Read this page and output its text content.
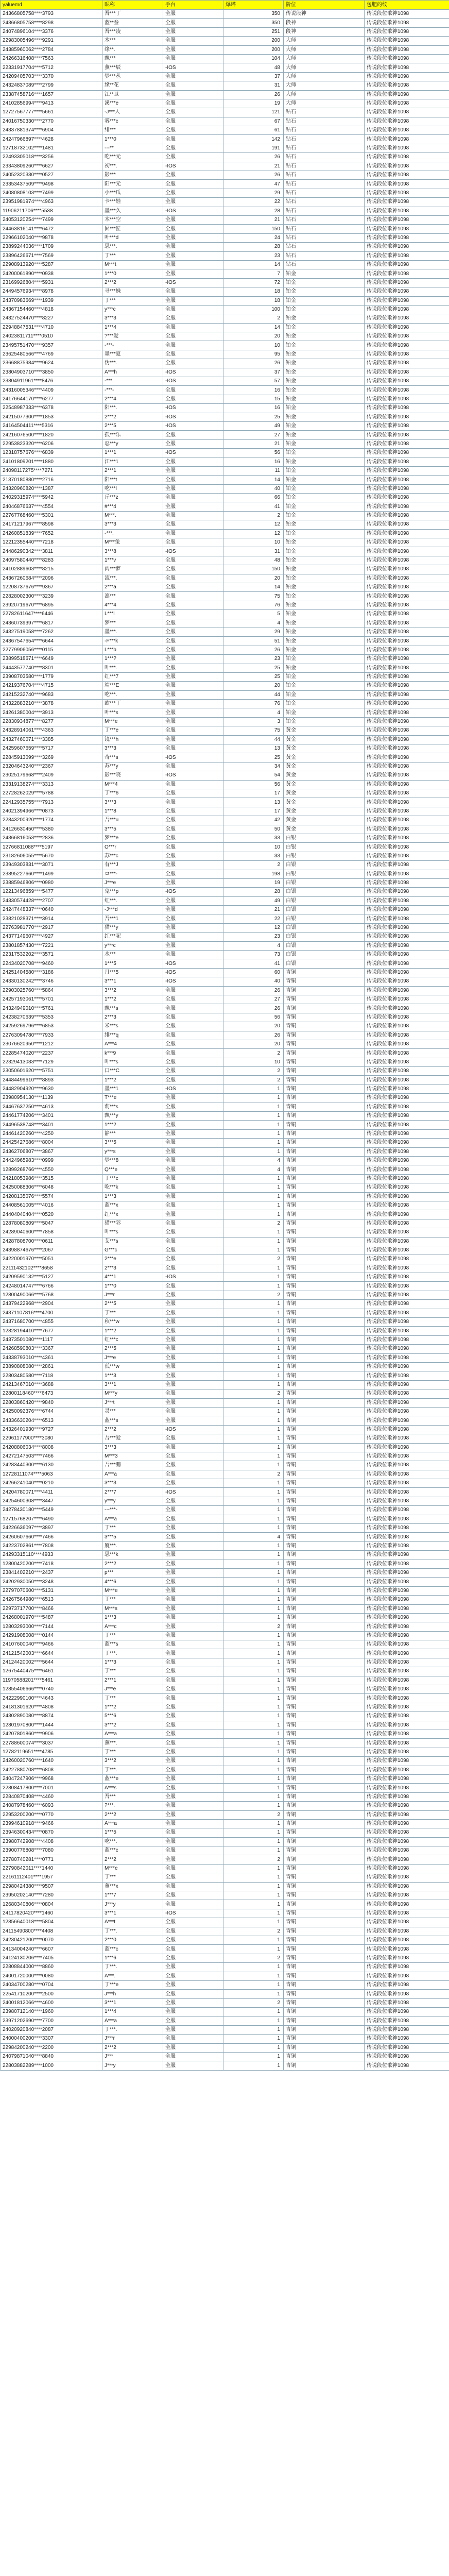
yaluemd	昵称	手台	爆塔	阶位	包肥的纹
24366805758****3793	吾***丁	全服	350	传说段神	传说段位歌神1098
24366805758****8298	蓝**叁	全服	350	段神	传说段位歌神1098
24074896104****3376	吾***凌	全服	251	段神	传说段位歌神1098
22983005496****9291	木***	全服	200	大师	传说段位歌神1098
24385960062****2784	缘**.	全服	200	大师	传说段位歌神1098
24266316408****7563	飘***	全服	104	大师	传说段位歌神1098
22331917704****5712	薰***辰	-IOS	48	大师	传说段位歌神1098
24209405703****3370	梦***丛	全服	37	大师	传说段位歌神1098
24324837089****2799	缘**花	全服	31	大师	传说段位歌神1098
23387458716****1657	江**卫	全服	26	大师	传说段位歌神1098
24102856994****9413	溪***e	全服	19	大师	传说段位歌神1098
12727567777****5661	-J***人	全服	121	钻石	传说段位歌神1098
24016750330****2770	雾***c	全服	67	钻石	传说段位歌神1098
24337881374****6904	绯***	全服	61	钻石	传说段位歌神1098
24247966897****4628	1***0	全服	142	钻石	传说段位歌神1098
12718732102****1481	---**	全服	191	钻石	传说段位歌神1098
22493305018****3256	吃***元	全服	26	钻石	传说段位歌神1098
23343809260****6627	初***.	-IOS	21	钻石	传说段位歌神1098
24052320330****0527	影***	全服	26	钻石	传说段位歌神1098
23353437509****9498	阳***元	全服	47	钻石	传说段位歌神1098
24080808103****7499	小***瓜	全服	29	钻石	传说段位歌神1098
23951981974****4963	卡***娃	全服	22	钻石	传说段位歌神1098
11906211706****5538	墨***久	-IOS	28	钻石	传说段位歌神1098
24053120254****7499	木***空	全服	21	钻石	传说段位歌神1098
24463816141****6472	囧***匠	全服	150	钻石	传说段位歌神1098
22966102040****9878	叶***d	全服	24	钻石	传说段位歌神1098
23899244036****1709	思***.	全服	28	钻石	传说段位歌神1098
23896426671****7569	丁***	全服	23	钻石	传说段位歌神1098
22908913920****5287	M***t	全服	14	钻石	传说段位歌神1098
24200061890****0938	1***0	全服	7	铂金	传说段位歌神1098
23169926804****5931	2***2	-IOS	72	铂金	传说段位歌神1098
24494576934****8978	寻***蛛	全服	18	铂金	传说段位歌神1098
24370983669****1939	丁***	全服	18	铂金	传说段位歌神1098
24367154460****4818	y***c	全服	100	铂金	传说段位歌神1098
24327524470****8227	3***3	全服	2	铂金	传说段位歌神1098
22948847531****4710	1***4	全服	14	铂金	传说段位歌神1098
24023811711****0510	?***爱	全服	20	铂金	传说段位歌神1098
23495751470****9357	-***-	全服	10	铂金	传说段位歌神1098
23625480566****4769	墨***夏	全服	95	铂金	传说段位歌神1098
23668875984****9624	伪***.	全服	26	铂金	传说段位歌神1098
23804903710****3850	A***h	-IOS	37	铂金	传说段位歌神1098
23804911961****8476	-***.	-IOS	57	铂金	传说段位歌神1098
24316005346****4409	-***-	全服	16	铂金	传说段位歌神1098
24176644170****6277	2***4	全服	15	铂金	传说段位歌神1098
22548987333****6378	阳***.	-IOS	16	铂金	传说段位歌神1098
24215077300****1853	2***2	-IOS	25	铂金	传说段位歌神1098
24164504411****5316	2***5	-IOS	49	铂金	传说段位歌神1098
24216076500****1820	孤***乐	全服	27	铂金	传说段位歌神1098
22953823320****6206	忍***y	全服	21	铂金	传说段位歌神1098
12318757676****6839	1***1	-IOS	56	铂金	传说段位歌神1098
24101809201****1880	江***1	全服	16	铂金	传说段位歌神1098
24098117275****7271	2***1	全服	11	铂金	传说段位歌神1098
21370180880****2716	阳***t	全服	14	铂金	传说段位歌神1098
24320960820****1387	吃***l	全服	40	铂金	传说段位歌神1098
24029315974****5942	斤***z	全服	66	铂金	传说段位歌神1098
24046876637****4554	#***4	全服	41	铂金	传说段位歌神1098
22767768460****5301	M***.	全服	2	铂金	传说段位歌神1098
24171217967****8598	3***3	全服	12	铂金	传说段位歌神1098
24260851839****7652	-***.	全服	12	铂金	传说段位歌神1098
12212355440****7218	M***兔	全服	10	铂金	传说段位歌神1098
24486290342****3811	3***8	-IOS	31	铂金	传说段位歌神1098
24097580440****8283	1***v	全服	48	铂金	传说段位歌神1098
24102889603****8215	肉***萝	全服	150	铂金	传说段位歌神1098
24367260684****2096	流***.	全服	20	铂金	传说段位歌神1098
12208737676****9367	2***a	全服	14	铂金	传说段位歌神1098
22828002300****3239	凛***	全服	75	铂金	传说段位歌神1098
23920719670****6895	4***4	全服	76	铂金	传说段位歌神1098
22782611647****6446	L***l	全服	5	铂金	传说段位歌神1098
24360739397****6817	梦***	全服	4	铂金	传说段位歌神1098
24327519058****7262	墨***.	全服	29	铂金	传说段位歌神1098
24367547654****6644	-F***k	全服	51	铂金	传说段位歌神1098
22779906056****0115	L***b	全服	26	铂金	传说段位歌神1098
23899518671****6649	1***?	全服	23	铂金	传说段位歌神1098
24443577740****8301	叶***.	全服	25	铂金	传说段位歌神1098
23908703580****1779	红***7	全服	25	铂金	传说段位歌神1098
24219376704****4715	靖***E	全服	20	铂金	传说段位歌神1098
24215232740****9683	吃***.	全服	44	铂金	传说段位歌神1098
24322883210****3878	欧***丁	全服	76	铂金	传说段位歌神1098
24261380004****3913	叶***s	全服	4	铂金	传说段位歌神1098
22830934877****8277	M***e	全服	3	铂金	传说段位歌神1098
24328914061****4363	丁***e	全服	75	黄金	传说段位歌神1098
24327460071****3385	镜***h	全服	44	黄金	传说段位歌神1098
24259607659****5717	3***3	全服	13	黄金	传说段位歌神1098
22845913099****3269	奇***s	-IOS	25	黄金	传说段位歌神1098
23204643240****2367	苏***y	全服	34	黄金	传说段位歌神1098
23025179668****2409	影***晓	-IOS	54	黄金	传说段位歌神1098
23319138274****3313	M***4	全服	56	黄金	传说段位歌神1098
22728262029****5788	丁***6	全服	17	黄金	传说段位歌神1098
22412935755****7913	3***3	全服	13	黄金	传说段位歌神1098
24021394966****0873	1***8	全服	17	黄金	传说段位歌神1098
22843200920****1774	吾***u	全服	42	黄金	传说段位歌神1098
24126630450****5380	3***5	全服	50	黄金	传说段位歌神1098
24366816053****2836	梦***e	全服	33	白银	传说段位歌神1098
12766811088****5197	O***r	全服	10	白银	传说段位歌神1098
23182606055****5670	苏***c	全服	33	白银	传说段位歌神1098
23949303831****3071	有***J	全服	2	白银	传说段位歌神1098
23895227660****1499	ロ***-	全服	198	白银	传说段位歌神1098
23885946806****0980	J***e	全服	19	白银	传说段位歌神1098
12213496859****5477	鬼***p	-IOS	28	白银	传说段位歌神1098
24330574428****2707	红***.	全服	49	白银	传说段位歌神1098
24247448337****0640	-J***d	全服	21	白银	传说段位歌神1098
23821028371****3914	吾***1	全服	22	白银	传说段位歌神1098
22763981770****2917	猫***y	全服	12	白银	传说段位歌神1098
24377149607****4927	红***呢	全服	23	白银	传说段位歌神1098
23801857430****7221	y***c	全服	4	白银	传说段位歌神1098
22317532202****3571	水***	全服	73	白银	传说段位歌神1098
22434020708****9460	1***5	-IOS	41	白银	传说段位歌神1098
24251404580****3186	月***5	-IOS	60	青铜	传说段位歌神1098
24330130242****3746	3***1	-IOS	40	青铜	传说段位歌神1098
22903025760****5864	3***2	全服	26	青铜	传说段位歌神1098
24257193061****5701	1***2	全服	27	青铜	传说段位歌神1098
24324949010****5761	飘***s	全服	26	青铜	传说段位歌神1098
24238270639****5353	2***3	全服	56	青铜	传说段位歌神1098
24259269796****6853	米***s	全服	20	青铜	传说段位歌神1098
22763094780****7933	绯***q	全服	26	青铜	传说段位歌神1098
23076620950****1212	A***4	全服	20	青铜	传说段位歌神1098
22285474020****2237	k***9	全服	2	青铜	传说段位歌神1098
22329413033****7129	叶***s	全服	10	青铜	传说段位歌神1098
23050601620****5751	口***C	全服	2	青铜	传说段位歌神1098
24484499610****8893	1***2	全服	2	青铜	传说段位歌神1098
24482904920****9630	墨***1	-IOS	1	青铜	传说段位歌神1098
23980954130****1139	T***e	全服	1	青铜	传说段位歌神1098
24467637250****4613	莉***s	全服	1	青铜	传说段位歌神1098
24461774206****3401	飘***y	全服	1	青铜	传说段位歌神1098
24496538748****3401	1***2	全服	1	青铜	传说段位歌神1098
24461420260****4250	静***	全服	1	青铜	传说段位歌神1098
24425427686****8004	3***5	全服	1	青铜	传说段位歌神1098
24362706807****3867	y***s	全服	1	青铜	传说段位歌神1098
24424965983****0999	梦***8	全服	4	青铜	传说段位歌神1098
12899268766****4550	Q***e	全服	4	青铜	传说段位歌神1098
24218053986****3515	丁***c	全服	1	青铜	传说段位歌神1098
24250088306****6048	吃***k	全服	1	青铜	传说段位歌神1098
24208135076****5574	1***3	全服	1	青铜	传说段位歌神1098
24408561005****4016	蓝***x	全服	1	青铜	传说段位歌神1098
24404040404****0520	红***x	全服	1	青铜	传说段位歌神1098
12878080809****5047	猫***彩	全服	2	青铜	传说段位歌神1098
24289040600****7858	叶***s	全服	1	青铜	传说段位歌神1098
24287808700****0611	艾***s	全服	1	青铜	传说段位歌神1098
24398874676****2067	G***c	全服	1	青铜	传说段位歌神1098
24220001970****5051	2***e	全服	2	青铜	传说段位歌神1098
22111432102****8658	2***3	全服	1	青铜	传说段位歌神1098
24209590132****5127	4***1	-IOS	1	青铜	传说段位歌神1098
24248014747****6766	1***0	全服	1	青铜	传说段位歌神1098
12800490066****5768	J***r	全服	2	青铜	传说段位歌神1098
24379422968****2904	2***5	全服	1	青铜	传说段位歌神1098
24371107816****4700	丁***	全服	1	青铜	传说段位歌神1098
24371680700****4855	秋***w	全服	1	青铜	传说段位歌神1098
12828194410****7677	1***2	全服	1	青铜	传说段位歌神1098
24373501080****1117	红***c	全服	1	青铜	传说段位歌神1098
24268590803****3367	2***5	全服	1	青铜	传说段位歌神1098
24338793010****4361	J***e	全服	1	青铜	传说段位歌神1098
23890808080****2861	孤***w	全服	1	青铜	传说段位歌神1098
22803480580****7118	1***3	全服	1	青铜	传说段位歌神1098
24213467010****3688	3***1	全服	1	青铜	传说段位歌神1098
22800118460****6473	M***y	全服	2	青铜	传说段位歌神1098
22803860420****9840	J***t	全服	1	青铜	传说段位歌神1098
24250092376****6744	灵***	全服	1	青铜	传说段位歌神1098
24336630204****6513	蓝***s	全服	1	青铜	传说段位歌神1098
24326401930****9727	2***2	-IOS	1	青铜	传说段位歌神1098
22961177900****3080	吾***爱	全服	1	青铜	传说段位歌神1098
24208806034****8008	3***3	全服	1	青铜	传说段位歌神1098
24272147503****7466	M***3	全服	1	青铜	传说段位歌神1098
24283440300****6130	吾***鹏	全服	1	青铜	传说段位歌神1098
12728111074****5063	A***a	全服	2	青铜	传说段位歌神1098
24266241040****0210	3***3	全服	1	青铜	传说段位歌神1098
24204780071****4411	2***7	-IOS	1	青铜	传说段位歌神1098
24254600308****3447	y***y	全服	1	青铜	传说段位歌神1098
24278430180****5449	---***-	全服	1	青铜	传说段位歌神1098
12715768207****6490	A***a	全服	1	青铜	传说段位歌神1098
24226636097****3897	丁***	全服	1	青铜	传说段位歌神1098
24260607660****7466	3***5	全服	4	青铜	传说段位歌神1098
24223702861****7808	厦***.	全服	1	青铜	传说段位歌神1098
24293315110****4933	思***k	全服	1	青铜	传说段位歌神1098
12800420200****7418	2***2	全服	1	青铜	传说段位歌神1098
23841402210****2437	p***	全服	1	青铜	传说段位歌神1098
24202930050****3248	4***6	全服	1	青铜	传说段位歌神1098
22797070600****5131	M***e	全服	1	青铜	传说段位歌神1098
24267564980****6513	丁***	全服	1	青铜	传说段位歌神1098
22973717700****8466	M***s	全服	1	青铜	传说段位歌神1098
24268001970****5487	1***3	全服	1	青铜	传说段位歌神1098
12803293000****7144	A***c	全服	2	青铜	传说段位歌神1098
24291908008****0144	丁***	全服	1	青铜	传说段位歌神1098
24107600040****9466	蓝***s	全服	1	青铜	传说段位歌神1098
24121542003****6644	丁***.	全服	1	青铜	传说段位歌神1098
24124420002****5644	1***3	全服	1	青铜	传说段位歌神1098
12675440475****6461	丁***	全服	1	青铜	传说段位歌神1098
11970588201****5461	2***1	全服	1	青铜	传说段位歌神1098
12855406666****0740	J***e	全服	1	青铜	传说段位歌神1098
24222990100****4643	丁***	全服	1	青铜	传说段位歌神1098
24181301620****4808	1***2	全服	1	青铜	传说段位歌神1098
24302890080****8874	5***6	全服	1	青铜	传说段位歌神1098
12801970800****1444	3***2	全服	1	青铜	传说段位歌神1098
24207801860****9906	A***a	全服	1	青铜	传说段位歌神1098
22788600074****3037	薰***.	全服	1	青铜	传说段位歌神1098
12782119651****4785	丁***	全服	1	青铜	传说段位歌神1098
24260020760****1640	3***2	全服	1	青铜	传说段位歌神1098
24227880708****6808	丁***.	全服	1	青铜	传说段位歌神1098
24047247906****9968	蓝***e	全服	1	青铜	传说段位歌神1098
22808417800****7001	A***s	全服	1	青铜	传说段位歌神1098
22840870408****4460	吾***	全服	1	青铜	传说段位歌神1098
24087978460****6093	?***.	全服	1	青铜	传说段位歌神1098
22953200200****0770	2***2	全服	2	青铜	传说段位歌神1098
23994610918****9466	A***a	全服	1	青铜	传说段位歌神1098
23946300434****0870	1***5	全服	1	青铜	传说段位歌神1098
23980742908****4408	吃***.	全服	1	青铜	传说段位歌神1098
23900776808****7080	蓝***c	全服	1	青铜	传说段位歌神1098
22780740281****0771	2***2	全服	2	青铜	传说段位歌神1098
22790842011****1440	M***e	全服	1	青铜	传说段位歌神1098
22161112401****1957	丁***	全服	1	青铜	传说段位歌神1098
22980424380****9507	薰***x	全服	1	青铜	传说段位歌神1098
23950202140****7280	1***7	全服	1	青铜	传说段位歌神1098
12680340806****0804	J***y	全服	1	青铜	传说段位歌神1098
24117820420****1460	3***1	-IOS	1	青铜	传说段位歌神1098
12856640018****5804	A***t	全服	1	青铜	传说段位歌神1098
24115490800****4408	丁***.	全服	2	青铜	传说段位歌神1098
24230421200****0070	2***0	全服	1	青铜	传说段位歌神1098
24134004240****6607	蓝***c	全服	1	青铜	传说段位歌神1098
24124130206****7405	1***6	全服	2	青铜	传说段位歌神1098
22808844000****8860	丁***.	全服	1	青铜	传说段位歌神1098
24001720000****0080	A***.	全服	1	青铜	传说段位歌神1098
24034700280****0704	丁***e	全服	1	青铜	传说段位歌神1098
22541710200****2500	J***h	全服	1	青铜	传说段位歌神1098
24001812066****4600	3***1	全服	2	青铜	传说段位歌神1098
23980712140****1960	1***4	全服	1	青铜	传说段位歌神1098
23971202690****7700	A***a	全服	1	青铜	传说段位歌神1098
24020920840****2087	丁***.	全服	1	青铜	传说段位歌神1098
24000400200****3307	J***r	全服	1	青铜	传说段位歌神1098
22984200240****2200	2***2	全服	1	青铜	传说段位歌神1098
24079871040****8840	J***	全服	1	青铜	传说段位歌神1098
22803882289****1000	J***y	全服	1	青铜	传说段位歌神1098
